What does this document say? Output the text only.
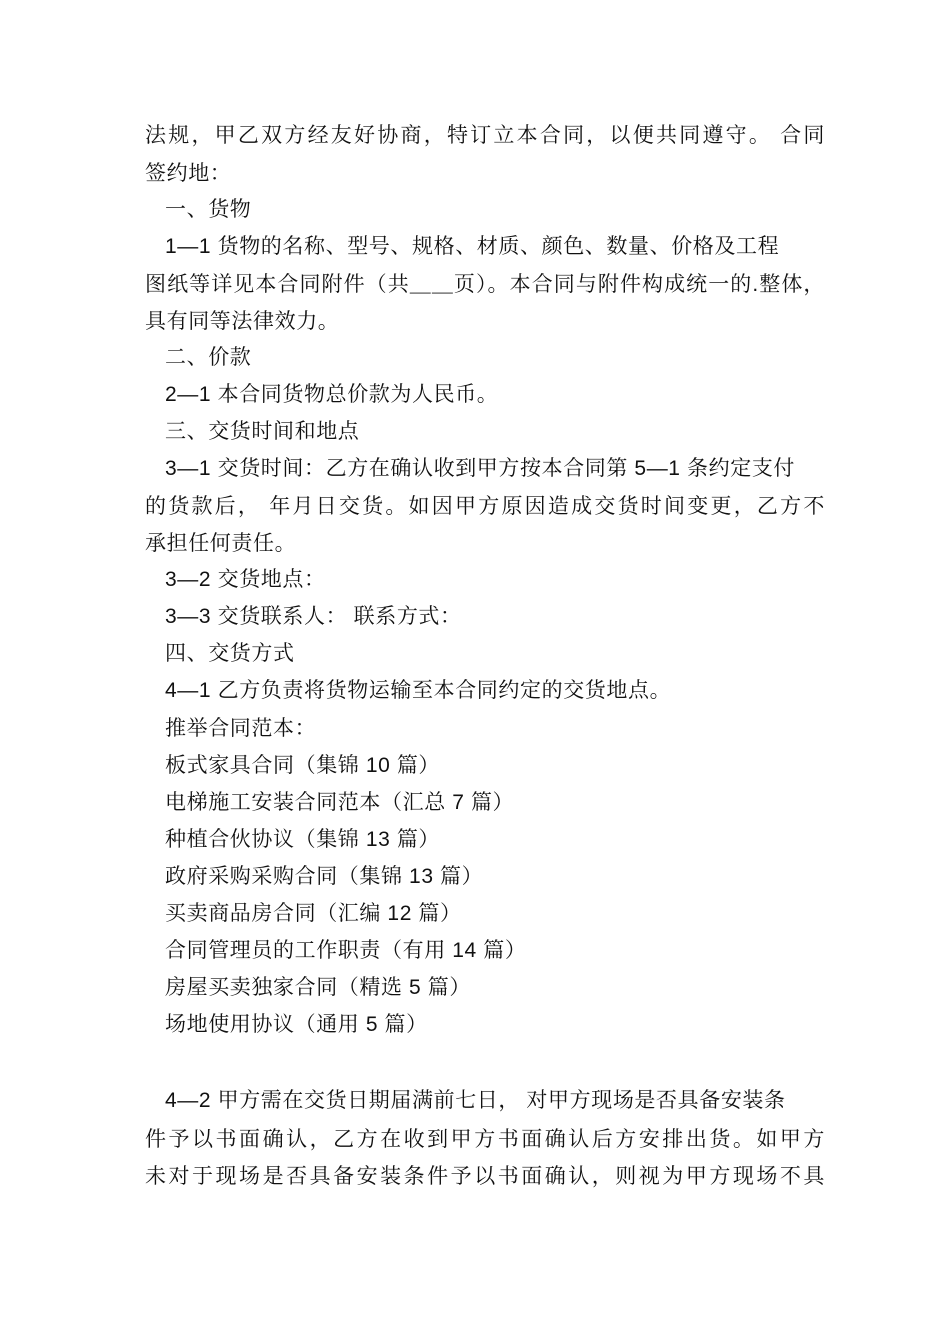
法规，甲乙双方经友好协商，特订立本合同，以便共同遵守。 合同
签约地：
一、货物
1—1 货物的名称、型号、规格、材质、颜色、数量、价格及工程
图纸等详见本合同附件（共＿＿页）。本合同与附件构成统一的.整体，
具有同等法律效力。
二、价款
2—1 本合同货物总价款为人民币。
三、交货时间和地点
3—1 交货时间：乙方在确认收到甲方按本合同第 5—1 条约定支付
的货款后， 年月日交货。如因甲方原因造成交货时间变更，乙方不
承担任何责任。
3—2 交货地点：
3—3 交货联系人： 联系方式：
四、交货方式
4—1 乙方负责将货物运输至本合同约定的交货地点。
推举合同范本：
板式家具合同（集锦 10 篇）
电梯施工安装合同范本（汇总 7 篇）
种植合伙协议（集锦 13 篇）
政府采购采购合同（集锦 13 篇）
买卖商品房合同（汇编 12 篇）
合同管理员的工作职责（有用 14 篇）
房屋买卖独家合同（精选 5 篇）
场地使用协议（通用 5 篇）
4—2 甲方需在交货日期届满前七日， 对甲方现场是否具备安装条
件予以书面确认，乙方在收到甲方书面确认后方安排出货。如甲方
未对于现场是否具备安装条件予以书面确认，则视为甲方现场不具
